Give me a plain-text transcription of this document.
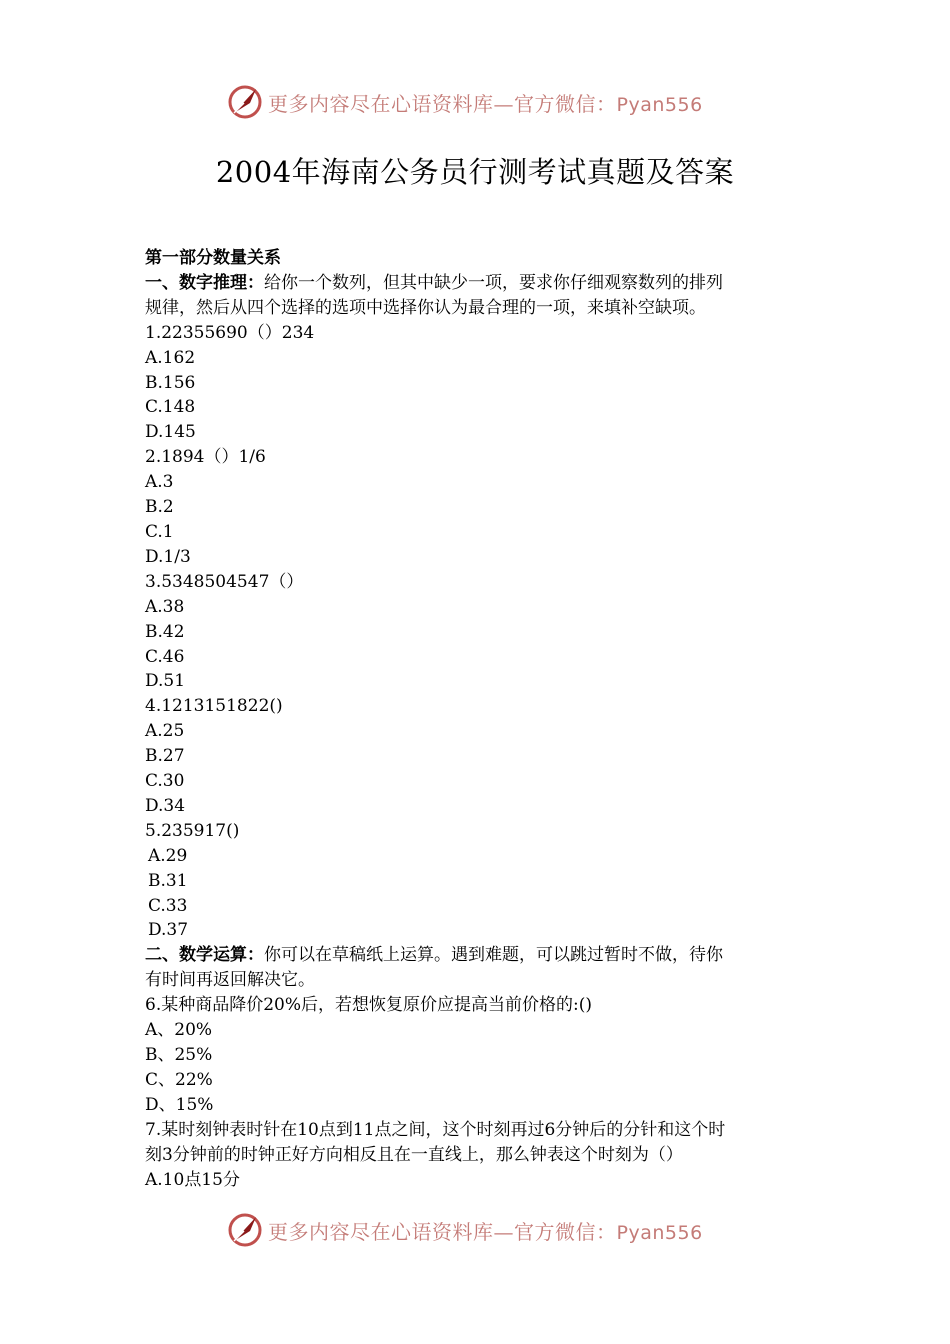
更多内容尽在心语资料库—官方微信：Pyan556
2004年海南公务员行测考试真题及答案
第一部分数量关系
一、数字推理：给你一个数列，但其中缺少一项，要求你仔细观察数列的排列
规律，然后从四个选择的选项中选择你认为最合理的一项，来填补空缺项。
1.22355690（）234
A.162
B.156
C.148
D.145
2.1894（）1/6
A.3
B.2
C.1
D.1/3
3.5348504547（）
A.38
B.42
C.46
D.51
4.1213151822()
A.25
B.27
C.30
D.34
5.235917()
A.29
B.31
C.33
D.37
二、数学运算：你可以在草稿纸上运算。遇到难题，可以跳过暂时不做，待你
有时间再返回解决它。
6.某种商品降价20%后，若想恢复原价应提高当前价格的:()
A、20%
B、25%
C、22%
D、15%
7.某时刻钟表时针在10点到11点之间，这个时刻再过6分钟后的分针和这个时
刻3分钟前的时钟正好方向相反且在一直线上，那么钟表这个时刻为（）
A.10点15分
更多内容尽在心语资料库—官方微信：Pyan556
